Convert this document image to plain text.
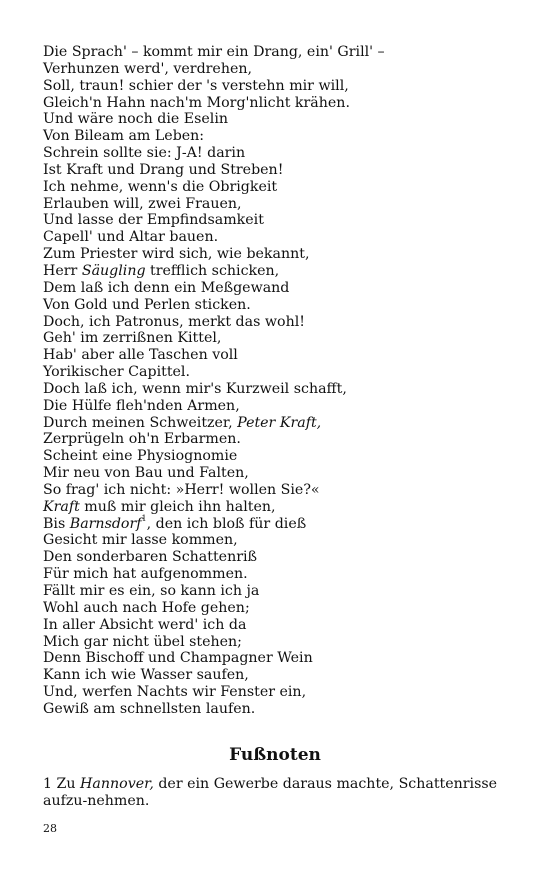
Die Sprach' – kommt mir ein Drang, ein' Grill' –
Verhunzen werd', verdrehen,
Soll, traun! schier der 's verstehn mir will,
Gleich'n Hahn nach'm Morg'nlicht krähen.
Und wäre noch die Eselin
Von Bileam am Leben:
Schrein sollte sie: J-A! darin
Ist Kraft und Drang und Streben!
Ich nehme, wenn's die Obrigkeit
Erlauben will, zwei Frauen,
Und lasse der Empfindsamkeit
Capell' und Altar bauen.
Zum Priester wird sich, wie bekannt,
Herr Säugling trefflich schicken,
Dem laß ich denn ein Meßgewand
Von Gold und Perlen sticken.
Doch, ich Patronus, merkt das wohl!
Geh' im zerrißnen Kittel,
Hab' aber alle Taschen voll
Yorikischer Capittel.
Doch laß ich, wenn mir's Kurzweil schafft,
Die Hülfe fleh'nden Armen,
Durch meinen Schweitzer, Peter Kraft,
Zerprügeln oh'n Erbarmen.
Scheint eine Physiognomie
Mir neu von Bau und Falten,
So frag' ich nicht: »Herr! wollen Sie?«
Kraft muß mir gleich ihn halten,
Bis Barnsdorf$^1$, den ich bloß für dieß
Gesicht mir lasse kommen,
Den sonderbaren Schattenriß
Für mich hat aufgenommen.
Fällt mir es ein, so kann ich ja
Wohl auch nach Hofe gehen;
In aller Absicht werd' ich da
Mich gar nicht übel stehen;
Denn Bischoff und Champagner Wein
Kann ich wie Wasser saufen,
Und, werfen Nachts wir Fenster ein,
Gewiß am schnellsten laufen.
Fußnoten
1 Zu Hannover, der ein Gewerbe daraus machte, Schattenrisse aufzu-nehmen.
28
